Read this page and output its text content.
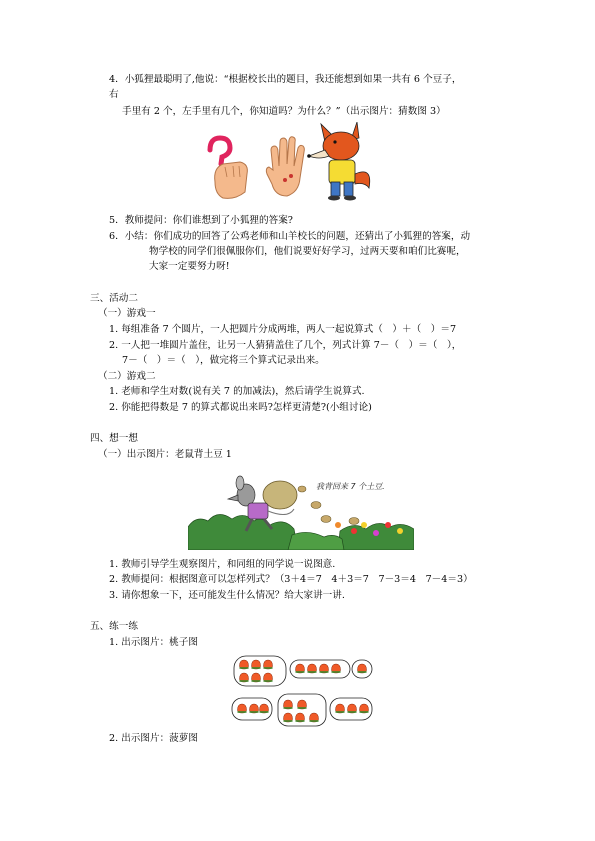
4．小狐狸最聪明了,他说：“根据校长出的题目，我还能想到如果一共有 6 个豆子，
右
手里有 2 个，左手里有几个，你知道吗？为什么？”（出示图片：猜数图 3）
5．教师提问：你们谁想到了小狐狸的答案?
6．小结：你们成功的回答了公鸡老师和山羊校长的问题，还猜出了小狐狸的答案，动
物学校的同学们很佩服你们，他们说要好好学习，过两天要和咱们比赛呢，
大家一定要努力呀!
三、活动二
（一）游戏一
1. 每组准备 7 个圆片，一人把圆片分成两堆，两人一起说算式（　）＋（　）＝7
2. 一人把一堆圆片盖住，让另一人猜猜盖住了几个，列式计算 7－（　）＝（　），
7－（　）＝（　），做完将三个算式记录出来。
（二）游戏二
1. 老师和学生对数(说有关 7 的加减法)，然后请学生说算式.
2. 你能把得数是 7 的算式都说出来吗?怎样更清楚?(小组讨论)
四、想一想
（一）出示图片：老鼠背土豆 1
我背回来 7 个土豆.
1. 教师引导学生观察图片，和同组的同学说一说图意.
2. 教师提问：根据图意可以怎样列式？（3＋4＝7　4＋3＝7　7－3＝4　7－4＝3）
3. 请你想象一下，还可能发生什么情况？给大家讲一讲.
五、练一练
1. 出示图片：桃子图
2. 出示图片：菠萝图
